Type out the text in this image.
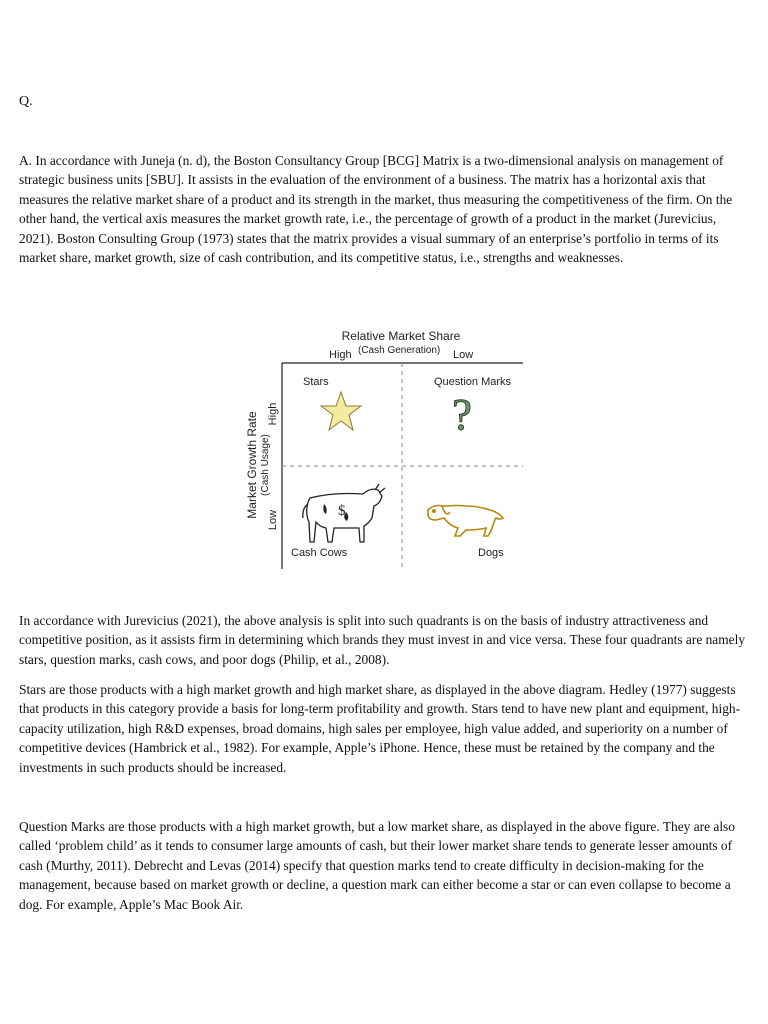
Q.

A. In accordance with Juneja (n. d), the Boston Consultancy Group [BCG] Matrix is a two-dimensional analysis on management of strategic business units [SBU]. It assists in the evaluation of the environment of a business. The matrix has a horizontal axis that measures the relative market share of a product and its strength in the market, thus measuring the competitiveness of the firm. On the other hand, the vertical axis measures the market growth rate, i.e., the percentage of growth of a product in the market (Jurevicius, 2021). Boston Consulting Group (1973) states that the matrix provides a visual summary of an enterprise’s portfolio in terms of its market share, market growth, size of cash contribution, and its competitive status, i.e., strengths and weaknesses.

Relative Market Share
High (Cash Generation) Low
Market Growth Rate (Cash Usage)
High
Low
Stars	Question Marks
Cash Cows	Dogs
?
$

In accordance with Jurevicius (2021), the above analysis is split into such quadrants is on the basis of industry attractiveness and competitive position, as it assists firm in determining which brands they must invest in and vice versa. These four quadrants are namely stars, question marks, cash cows, and poor dogs (Philip, et al., 2008).

Stars are those products with a high market growth and high market share, as displayed in the above diagram. Hedley (1977) suggests that products in this category provide a basis for long-term profitability and growth. Stars tend to have new plant and equipment, high-capacity utilization, high R&D expenses, broad domains, high sales per employee, high value added, and superiority on a number of competitive devices (Hambrick et al., 1982). For example, Apple’s iPhone. Hence, these must be retained by the company and the investments in such products should be increased.

Question Marks are those products with a high market growth, but a low market share, as displayed in the above figure. They are also called ‘problem child’ as it tends to consumer large amounts of cash, but their lower market share tends to generate lesser amounts of cash (Murthy, 2011). Debrecht and Levas (2014) specify that question marks tend to create difficulty in decision-making for the management, because based on market growth or decline, a question mark can either become a star or can even collapse to become a dog. For example, Apple’s Mac Book Air.
